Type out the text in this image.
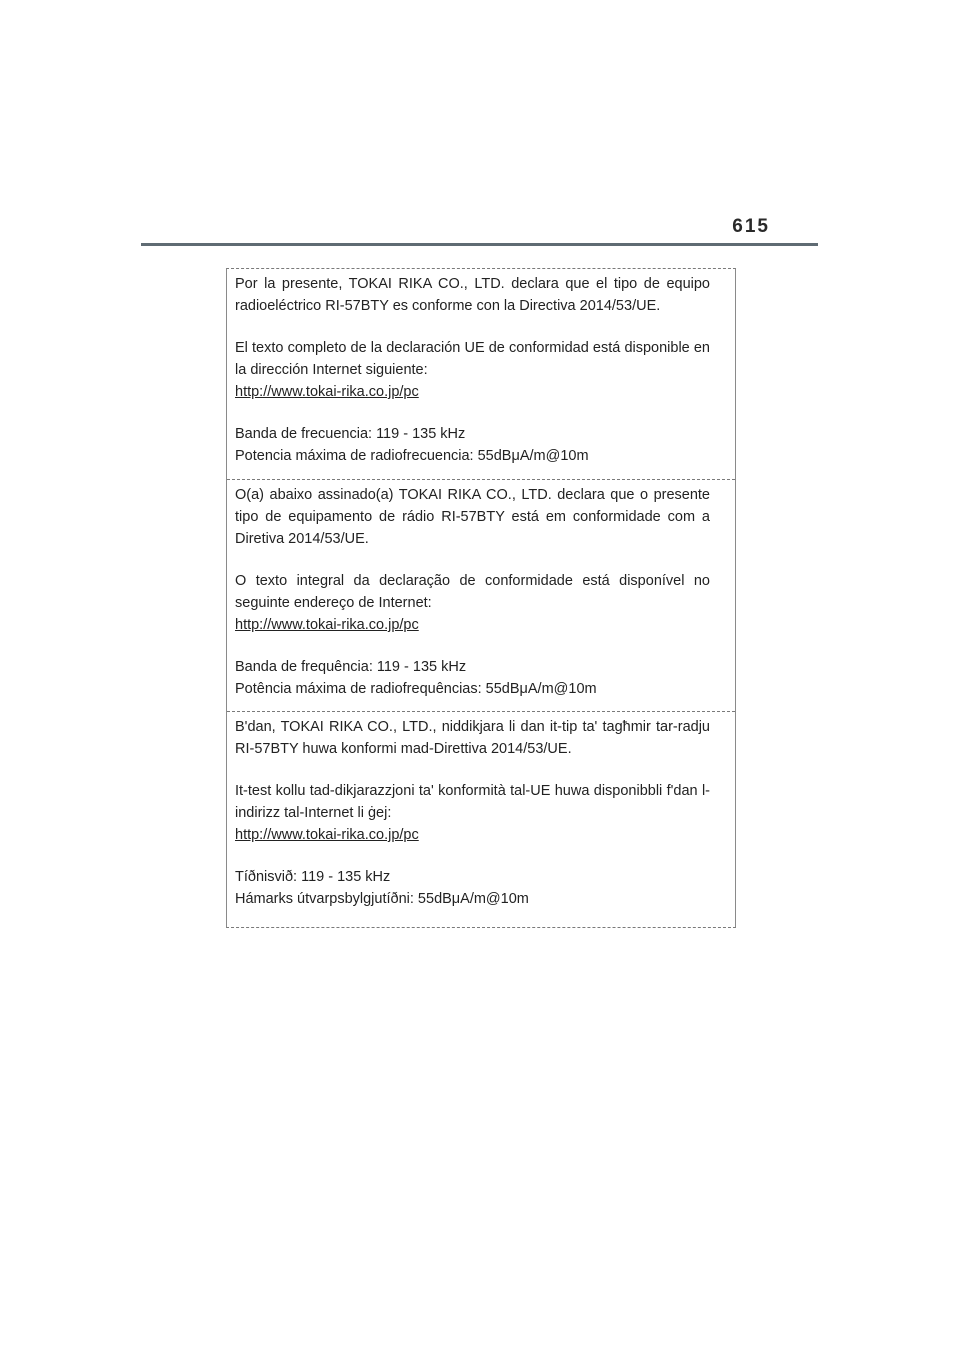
615

Por la presente, TOKAI RIKA CO., LTD. declara que el tipo de equipo radioeléctrico RI-57BTY es conforme con la Directiva 2014/53/UE.

El texto completo de la declaración UE de conformidad está disponible en la dirección Internet siguiente:

http://www.tokai-rika.co.jp/pc

Banda de frecuencia: 119 - 135 kHz

Potencia máxima de radiofrecuencia: 55dBμA/m@10m

O(a) abaixo assinado(a) TOKAI RIKA CO., LTD. declara que o presente tipo de equipamento de rádio RI-57BTY está em conformidade com a Diretiva 2014/53/UE.

O texto integral da declaração de conformidade está disponível no seguinte endereço de Internet:

http://www.tokai-rika.co.jp/pc

Banda de frequência: 119 - 135 kHz

Potência máxima de radiofrequências: 55dBμA/m@10m

B'dan, TOKAI RIKA CO., LTD., niddikjara li dan it-tip ta' tagħmir tar-radju RI-57BTY huwa konformi mad-Direttiva 2014/53/UE.

It-test kollu tad-dikjarazzjoni ta' konformità tal-UE huwa disponibbli f'dan l-indirizz tal-Internet li ġej:

http://www.tokai-rika.co.jp/pc

Tíðnisvið: 119 - 135 kHz

Hámarks útvarpsbylgjutíðni: 55dBμA/m@10m
